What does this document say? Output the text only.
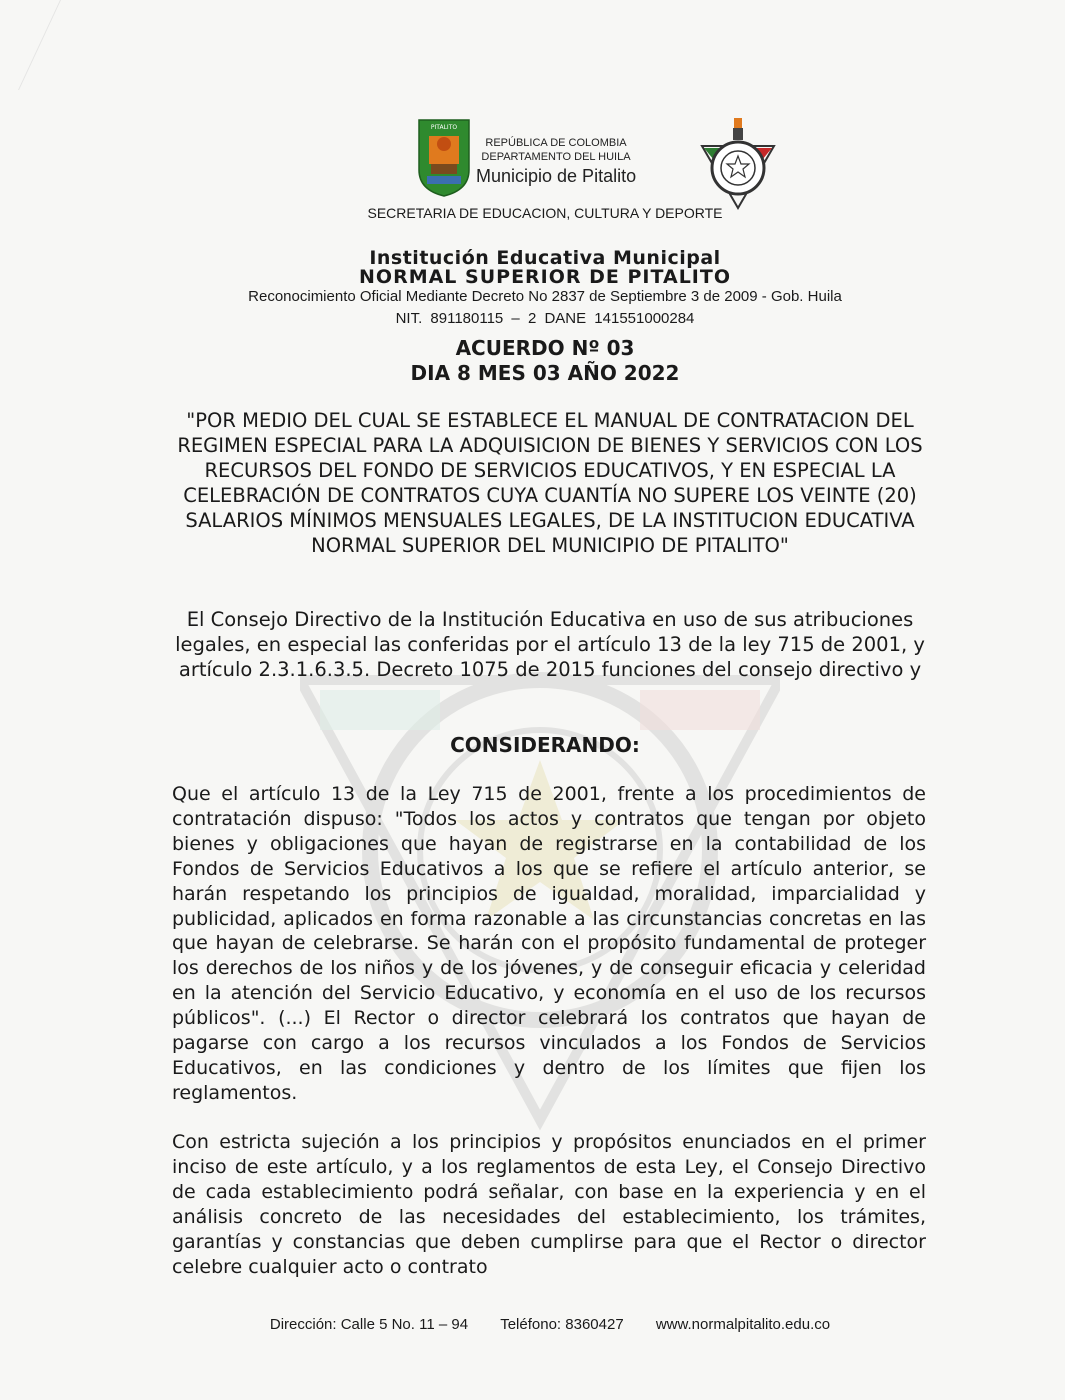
PITALITO
REPÚBLICA DE COLOMBIA
DEPARTAMENTO DEL HUILA
Municipio de Pitalito
SECRETARIA DE EDUCACION, CULTURA Y DEPORTE
Institución Educativa Municipal
NORMAL SUPERIOR DE PITALITO
Reconocimiento Oficial Mediante Decreto No 2837 de Septiembre 3 de 2009 - Gob. Huila
NIT. 891180115 – 2 DANE 141551000284
ACUERDO Nº 03
DIA 8 MES 03 AÑO 2022
"POR MEDIO DEL CUAL SE ESTABLECE EL MANUAL DE CONTRATACION DEL REGIMEN ESPECIAL PARA LA ADQUISICION DE BIENES Y SERVICIOS CON LOS RECURSOS DEL FONDO DE SERVICIOS EDUCATIVOS, Y EN ESPECIAL LA CELEBRACIÓN DE CONTRATOS CUYA CUANTÍA NO SUPERE LOS VEINTE (20) SALARIOS MÍNIMOS MENSUALES LEGALES, DE LA INSTITUCION EDUCATIVA NORMAL SUPERIOR DEL MUNICIPIO DE PITALITO"
El Consejo Directivo de la Institución Educativa en uso de sus atribuciones legales, en especial las conferidas por el artículo 13 de la ley 715 de 2001, y artículo 2.3.1.6.3.5. Decreto 1075 de 2015 funciones del consejo directivo y
CONSIDERANDO:
Que el artículo 13 de la Ley 715 de 2001, frente a los procedimientos de contratación dispuso: "Todos los actos y contratos que tengan por objeto bienes y obligaciones que hayan de registrarse en la contabilidad de los Fondos de Servicios Educativos a los que se refiere el artículo anterior, se harán respetando los principios de igualdad, moralidad, imparcialidad y publicidad, aplicados en forma razonable a las circunstancias concretas en las que hayan de celebrarse. Se harán con el propósito fundamental de proteger los derechos de los niños y de los jóvenes, y de conseguir eficacia y celeridad en la atención del Servicio Educativo, y economía en el uso de los recursos públicos". (...) El Rector o director celebrará los contratos que hayan de pagarse con cargo a los recursos vinculados a los Fondos de Servicios Educativos, en las condiciones y dentro de los límites que fijen los reglamentos.
Con estricta sujeción a los principios y propósitos enunciados en el primer inciso de este artículo, y a los reglamentos de esta Ley, el Consejo Directivo de cada establecimiento podrá señalar, con base en la experiencia y en el análisis concreto de las necesidades del establecimiento, los trámites, garantías y constancias que deben cumplirse para que el Rector o director celebre cualquier acto o contrato
Dirección: Calle 5 No. 11 – 94 Teléfono: 8360427 www.normalpitalito.edu.co
